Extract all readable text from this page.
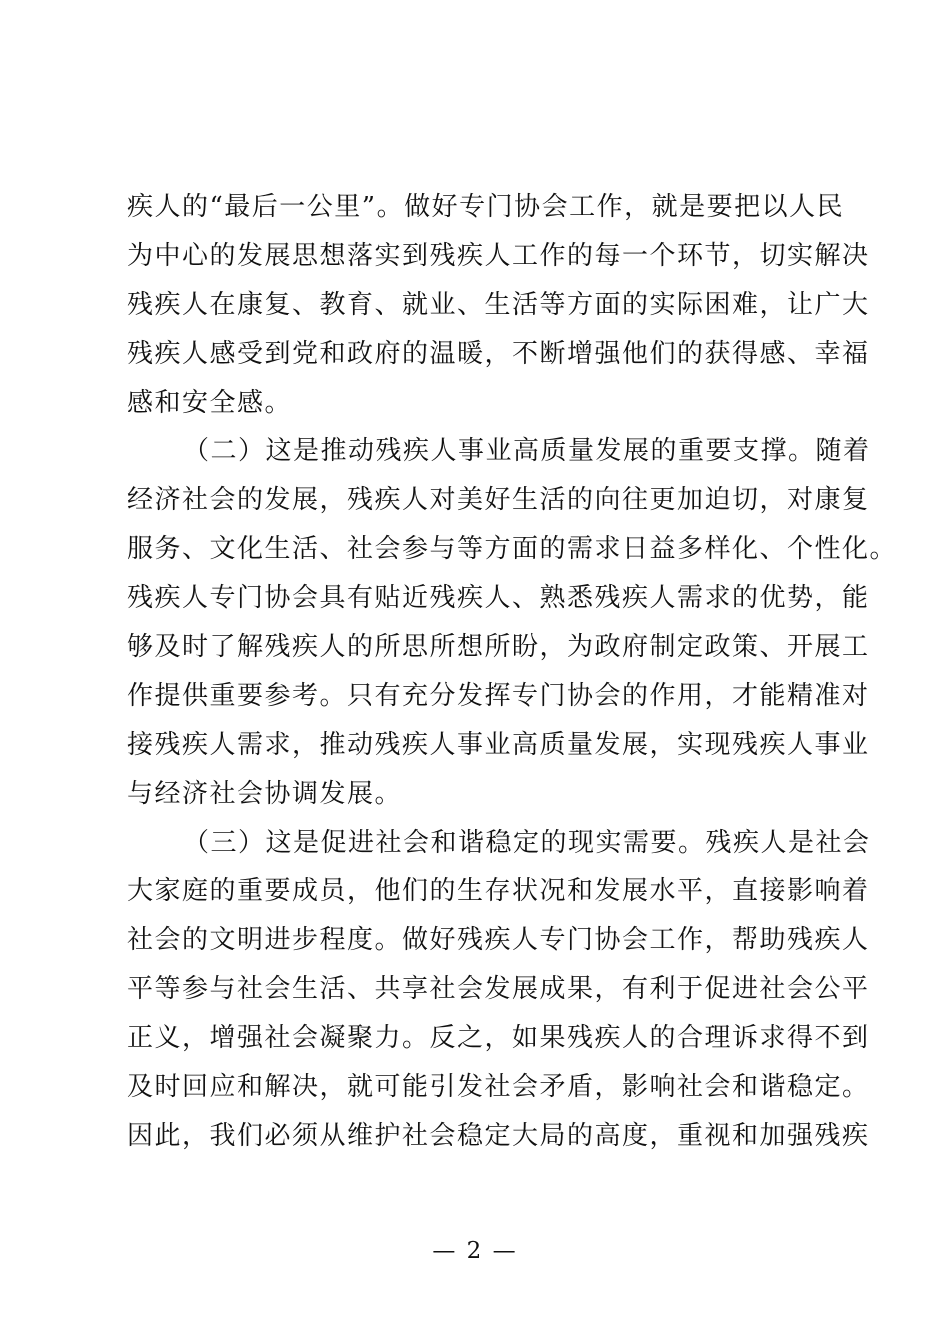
疾人的“最后一公里”。做好专门协会工作，就是要把以人民
为中心的发展思想落实到残疾人工作的每一个环节，切实解决
残疾人在康复、教育、就业、生活等方面的实际困难，让广大
残疾人感受到党和政府的温暖，不断增强他们的获得感、幸福
感和安全感。
（二）这是推动残疾人事业高质量发展的重要支撑。随着
经济社会的发展，残疾人对美好生活的向往更加迫切，对康复
服务、文化生活、社会参与等方面的需求日益多样化、个性化。
残疾人专门协会具有贴近残疾人、熟悉残疾人需求的优势，能
够及时了解残疾人的所思所想所盼，为政府制定政策、开展工
作提供重要参考。只有充分发挥专门协会的作用，才能精准对
接残疾人需求，推动残疾人事业高质量发展，实现残疾人事业
与经济社会协调发展。
（三）这是促进社会和谐稳定的现实需要。残疾人是社会
大家庭的重要成员，他们的生存状况和发展水平，直接影响着
社会的文明进步程度。做好残疾人专门协会工作，帮助残疾人
平等参与社会生活、共享社会发展成果，有利于促进社会公平
正义，增强社会凝聚力。反之，如果残疾人的合理诉求得不到
及时回应和解决，就可能引发社会矛盾，影响社会和谐稳定。
因此，我们必须从维护社会稳定大局的高度，重视和加强残疾
— 2 —
